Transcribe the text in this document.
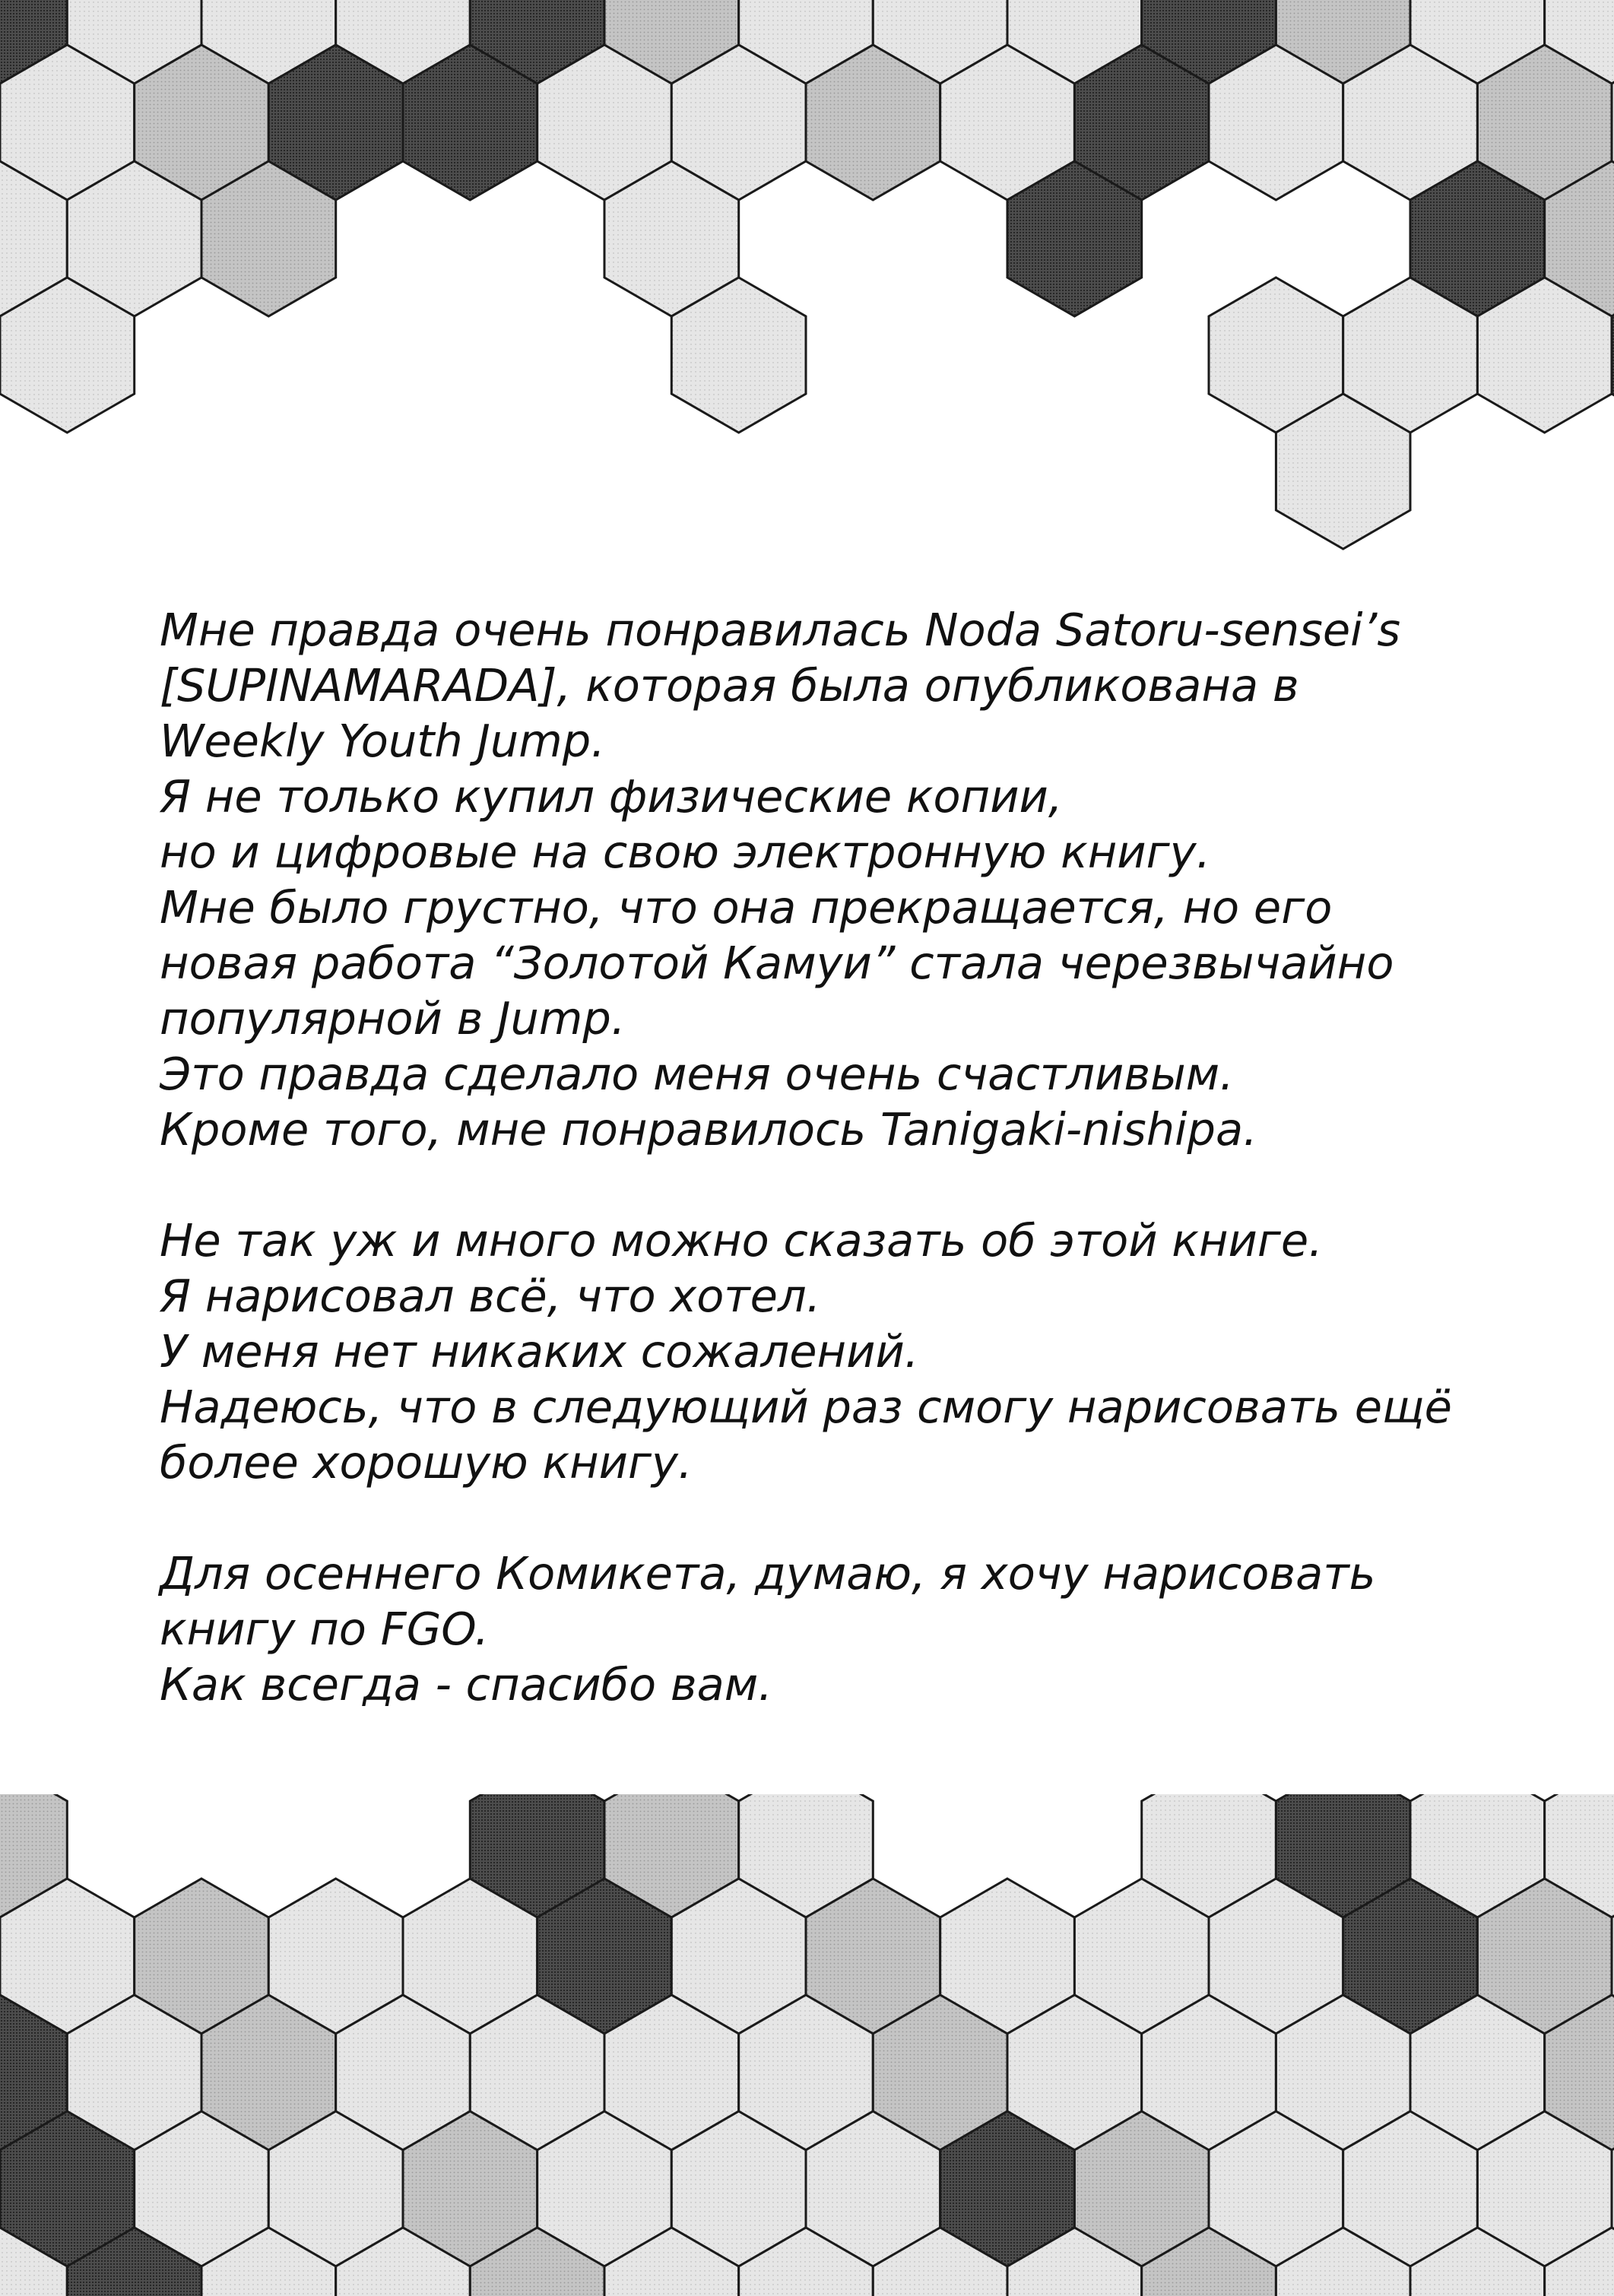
Мне правда очень понравилась Noda Satoru-sensei’s
[SUPINAMARADA], которая была опубликована в
Weekly Youth Jump.
Я не только купил физические копии,
но и цифровые на свою электронную книгу.
Мне было грустно, что она прекращается, но его
новая работа “Золотой Камуи” стала черезвычайно
популярной в Jump.
Это правда сделало меня очень счастливым.
Кроме того, мне понравилось Tanigaki-nishipa.

Не так уж и много можно сказать об этой книге.
Я нарисовал всё, что хотел.
У меня нет никаких сожалений.
Надеюсь, что в следующий раз смогу нарисовать ещё
более хорошую книгу.

Для осеннего Комикета, думаю, я хочу нарисовать
книгу по FGO.
Как всегда - спасибо вам.
